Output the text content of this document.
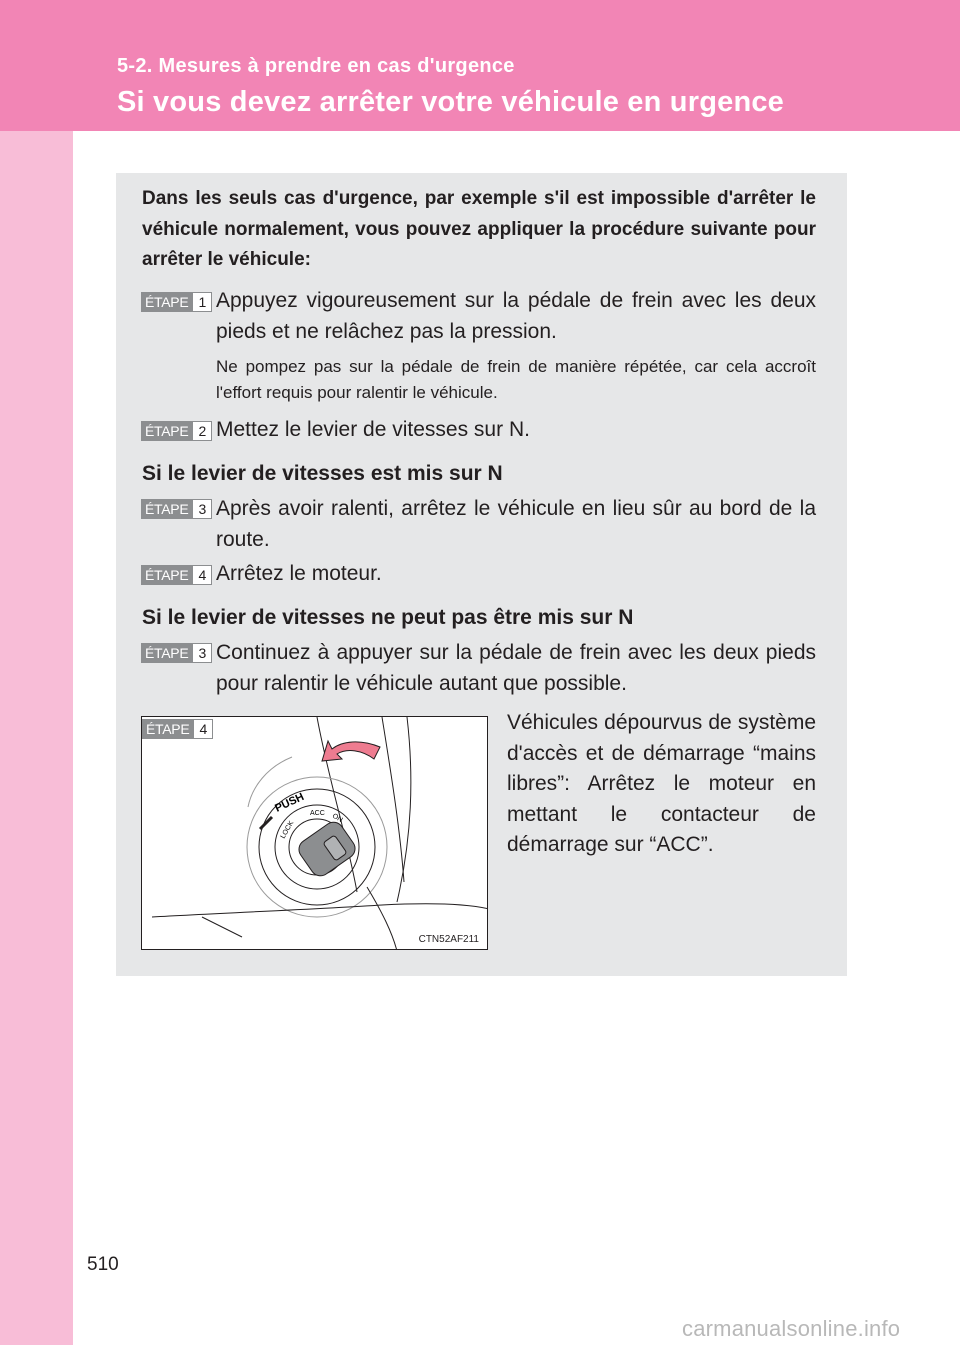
5-2. Mesures à prendre en cas d'urgence
Si vous devez arrêter votre véhicule en urgence
Dans les seuls cas d'urgence, par exemple s'il est impossible d'arrêter le véhicule normalement, vous pouvez appliquer la procédure suivante pour arrêter le véhicule:
ÉTAPE 1 Appuyez vigoureusement sur la pédale de frein avec les deux pieds et ne relâchez pas la pression.
Ne pompez pas sur la pédale de frein de manière répétée, car cela accroît l'effort requis pour ralentir le véhicule.
ÉTAPE 2 Mettez le levier de vitesses sur N.
Si le levier de vitesses est mis sur N
ÉTAPE 3 Après avoir ralenti, arrêtez le véhicule en lieu sûr au bord de la route.
ÉTAPE 4 Arrêtez le moteur.
Si le levier de vitesses ne peut pas être mis sur N
ÉTAPE 3 Continuez à appuyer sur la pédale de frein avec les deux pieds pour ralentir le véhicule autant que possible.
PUSH
LOCK
ACC ON
ÉTAPE 4
CTN52AF211
Véhicules dépourvus de système d'accès et de démarrage “mains libres”: Arrêtez le moteur en mettant le contacteur de démarrage sur “ACC”.
510
carmanualsonline.info
